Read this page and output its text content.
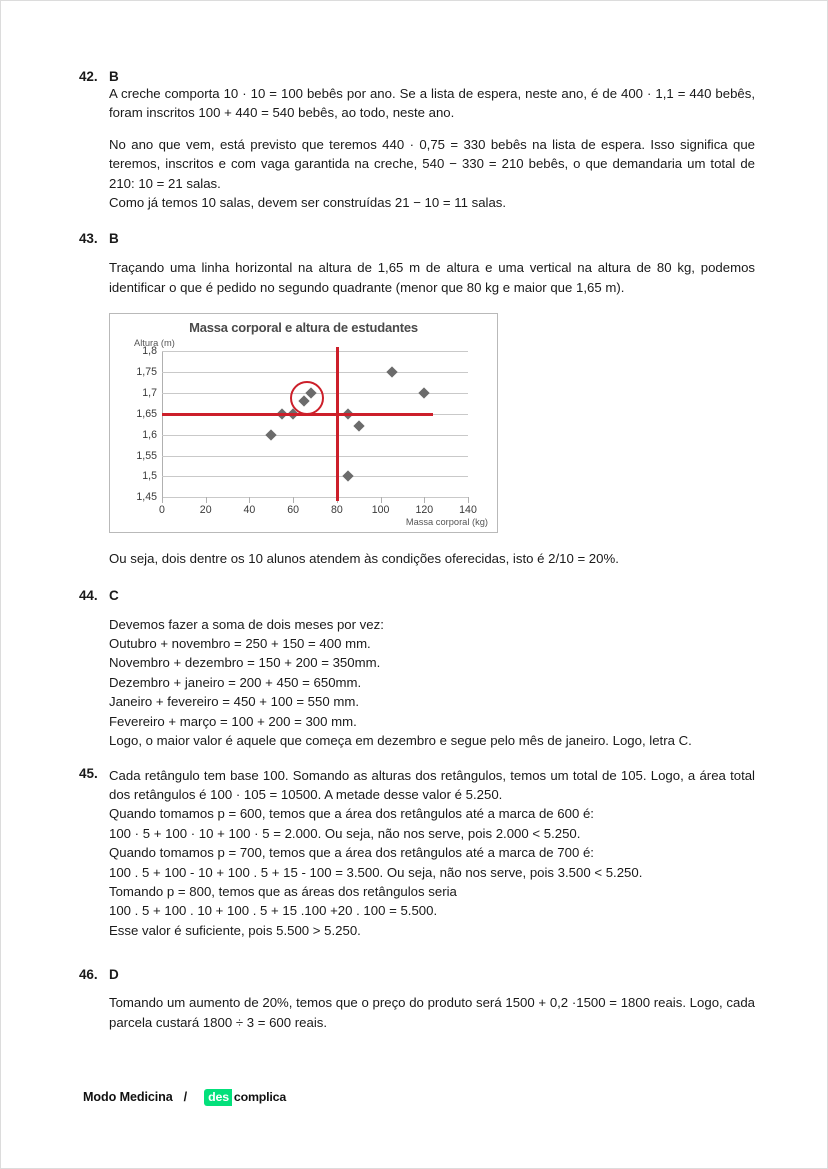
42. B

A creche comporta 10 · 10 = 100 bebês por ano. Se a lista de espera, neste ano, é de 400 · 1,1 = 440 bebês, foram inscritos 100 + 440 = 540 bebês, ao todo, neste ano.

No ano que vem, está previsto que teremos 440 · 0,75 = 330 bebês na lista de espera. Isso significa que teremos, inscritos e com vaga garantida na creche, 540 − 330 = 210 bebês, o que demandaria um total de 210: 10 = 21 salas.

Como já temos 10 salas, devem ser construídas 21 − 10 = 11 salas.

43. B

Traçando uma linha horizontal na altura de 1,65 m de altura e uma vertical na altura de 80 kg, podemos identificar o que é pedido no segundo quadrante (menor que 80 kg e maior que 1,65 m).

Massa corporal e altura de estudantes
Altura (m)
Massa corporal (kg)
1,8
1,75
1,7
1,65
1,6
1,55
1,5
1,45
0	20	40	60	80	100 120 140

Ou seja, dois dentre os 10 alunos atendem às condições oferecidas, isto é 2/10 = 20%.

44. C
Devemos fazer a soma de dois meses por vez:
Outubro + novembro = 250 + 150 = 400 mm.
Novembro + dezembro = 150 + 200 = 350mm.
Dezembro + janeiro = 200 + 450 = 650mm.
Janeiro + fevereiro = 450 + 100 = 550 mm.
Fevereiro + março = 100 + 200 = 300 mm.
Logo, o maior valor é aquele que começa em dezembro e segue pelo mês de janeiro. Logo, letra C.
45. Cada retângulo tem base 100. Somando as alturas dos retângulos, temos um total de 105. Logo, a área total dos retângulos é 100 · 105 = 10500. A metade desse valor é 5.250.
Quando tomamos p = 600, temos que a área dos retângulos até a marca de 600 é:
100 · 5 + 100 · 10 + 100 · 5 = 2.000. Ou seja, não nos serve, pois 2.000 < 5.250.
Quando tomamos p = 700, temos que a área dos retângulos até a marca de 700 é:
100 . 5 + 100 - 10 + 100 . 5 + 15 - 100 = 3.500. Ou seja, não nos serve, pois 3.500 < 5.250.
Tomando p = 800, temos que as áreas dos retângulos seria
100 . 5 + 100 . 10 + 100 . 5 + 15 .100 +20 . 100 = 5.500.
Esse valor é suficiente, pois 5.500 > 5.250.
46. D

Tomando um aumento de 20%, temos que o preço do produto será 1500 + 0,2 ·1500 = 1800 reais. Logo, cada parcela custará 1800 ÷ 3 = 600 reais.

Modo Medicina /	des complica
